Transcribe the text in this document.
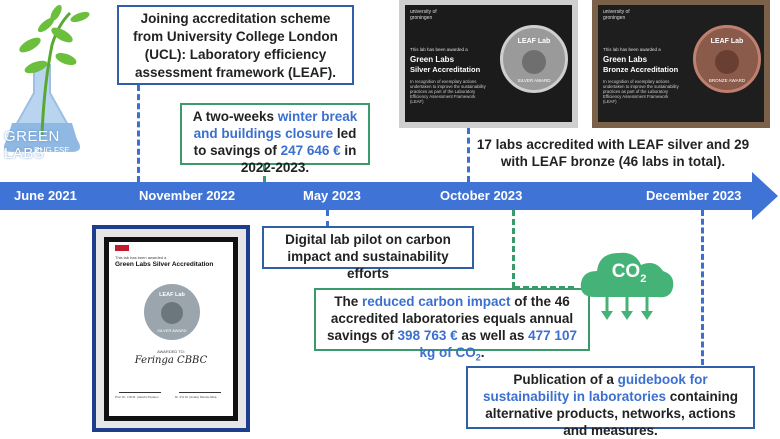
GREEN LABS
RUG FSE
June 2021	November 2022	May 2023	October 2023	December 2023
Joining accreditation scheme from University College London (UCL): Laboratory efficiency assessment framework (LEAF).
A two-weeks winter break and buildings closure led to savings of 247 646 € in 2022-2023.
Digital lab pilot on carbon impact and sustainability efforts
17 labs accredited with LEAF silver and 29 with LEAF bronze (46 labs in total).
The reduced carbon impact of the 46 accredited laboratories equals annual savings of 398 763 € as well as 477 107 kg of $CO_2$.
Publication of a guidebook for sustainability in laboratories containing alternative products, networks, actions and measures.
$CO_2$
university of groningen
This lab has been awarded a
Green Labs
Silver Accreditation
In recognition of exemplary actions undertaken to improve the sustainability practices as part of the Laboratory Efficiency Assessment Framework (LEAF)
LEAF Lab
SILVER AWARD
university of groningen
This lab has been awarded a
Green Labs
Bronze Accreditation
In recognition of exemplary actions undertaken to improve the sustainability practices as part of the Laboratory Efficiency Assessment Framework (LEAF)
LEAF Lab
BRONZE AWARD
This lab has been awarded a
Green Labs Silver Accreditation
LEAF Lab
SILVER AWARD
AWARDED TO:
Feringa CBBC
Prof. Dr. J.W.M. (Jacob) Poulsen	Dr. P.A.M. (Andre) Morais-Silva
